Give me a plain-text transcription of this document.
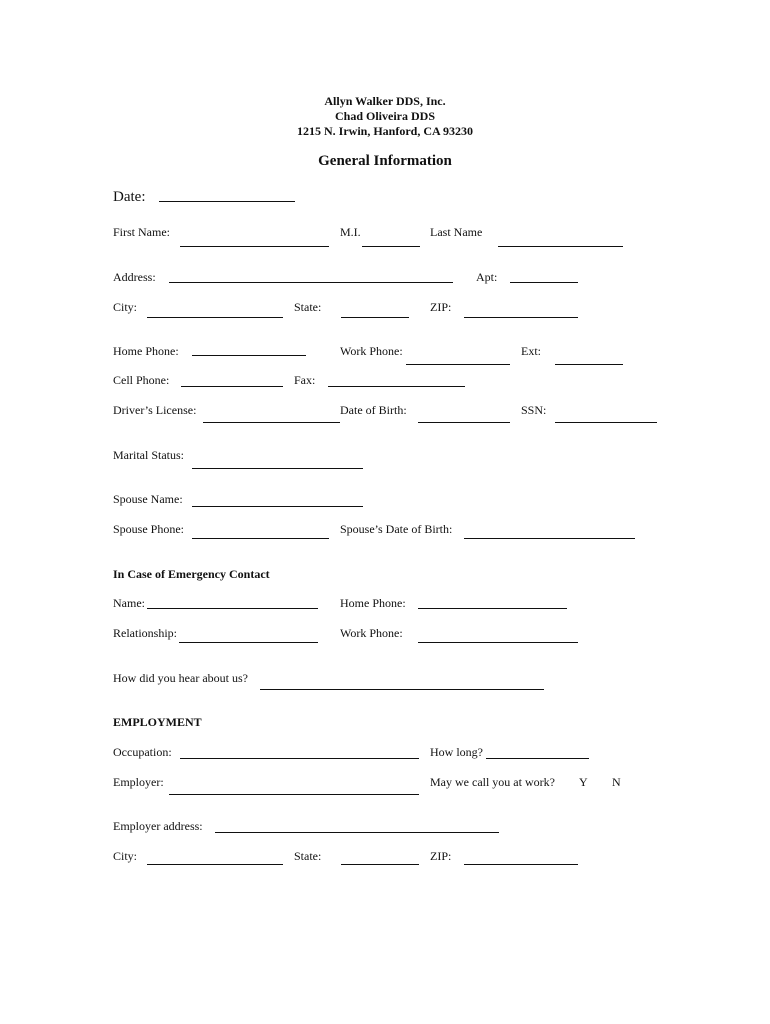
Allyn Walker DDS, Inc.
Chad Oliveira DDS
1215 N. Irwin, Hanford, CA 93230
General Information
Date:
First Name:	M.I.	Last Name
Address:	Apt:
City:	State:	ZIP:
Home Phone:	Work Phone:	Ext:
Cell Phone:	Fax:
Driver’s License:	Date of Birth:	SSN:
Marital Status:
Spouse Name:
Spouse Phone:	Spouse’s Date of Birth:
In Case of Emergency Contact
Name:	Home Phone:
Relationship:	Work Phone:
How did you hear about us?
EMPLOYMENT
Occupation:	How long?
Employer:	May we call you at work? Y N
Employer address:
City:	State:	ZIP:
